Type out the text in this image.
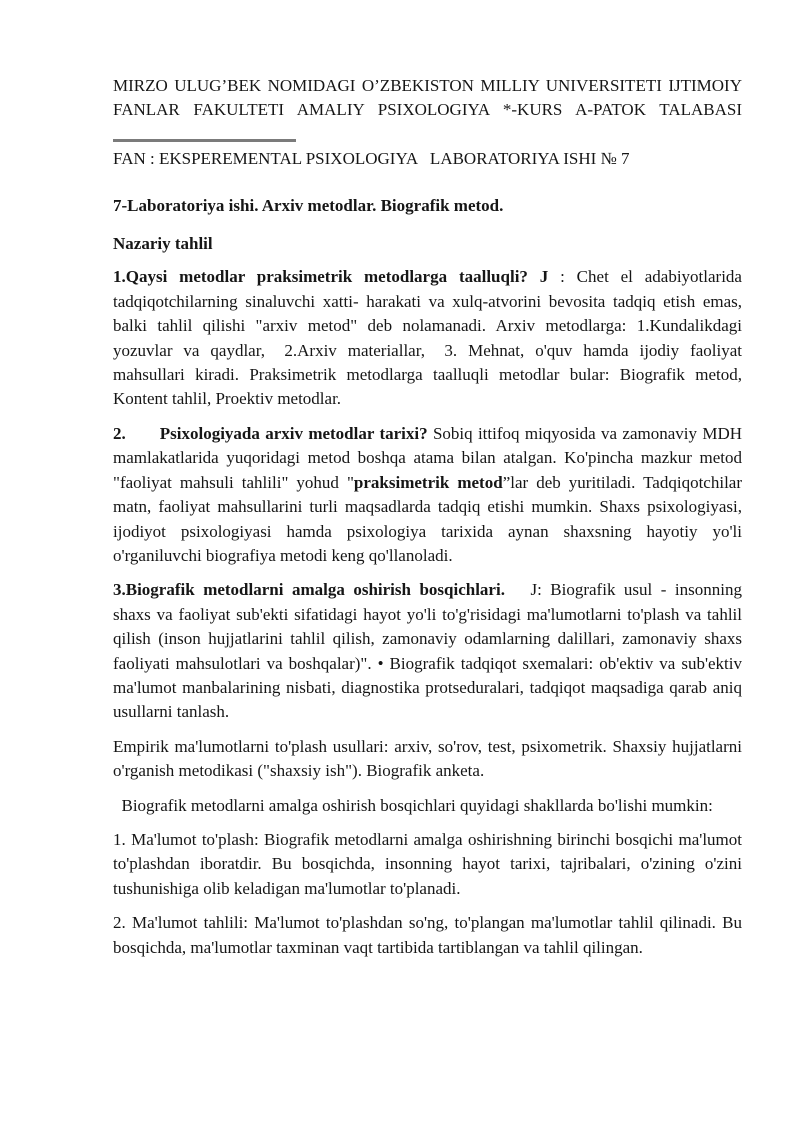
MIRZO ULUG’BEK NOMIDAGI O’ZBEKISTON MILLIY UNIVERSITETI IJTIMOIY FANLAR FAKULTETI AMALIY PSIXOLOGIYA *-KURS A-PATOK TALABASI
FAN : EKSPEREMENTAL PSIXOLOGIYA  LABORATORIYA ISHI № 7

7-Laboratoriya ishi. Arxiv metodlar. Biografik metod.

Nazariy tahlil

1.Qaysi metodlar praksimetrik metodlarga taalluqli? J : Chet el adabiyotlarida tadqiqotchilarning sinaluvchi xatti- harakati va xulq-atvorini bevosita tadqiq etish emas, balki tahlil qilishi "arxiv metod" deb nolamanadi. Arxiv metodlarga: 1.Kundalikdagi yozuvlar va qaydlar,  2.Arxiv materiallar,  3. Mehnat, o'quv hamda ijodiy faoliyat mahsullari kiradi. Praksimetrik metodlarga taalluqli metodlar bular: Biografik metod, Kontent tahlil, Proektiv metodlar.

2.  Psixologiyada arxiv metodlar tarixi? Sobiq ittifoq miqyosida va zamonaviy MDH mamlakatlarida yuqoridagi metod boshqa atama bilan atalgan. Ko'pincha mazkur metod "faoliyat mahsuli tahlili" yohud "praksimetrik metod”lar deb yuritiladi. Tadqiqotchilar matn, faoliyat mahsullarini turli maqsadlarda tadqiq etishi mumkin. Shaxs psixologiyasi, ijodiyot psixologiyasi hamda psixologiya tarixida aynan shaxsning hayotiy yo'li o'rganiluvchi biografiya metodi keng qo'llanoladi.

3.Biografik metodlarni amalga oshirish bosqichlari.  J: Biografik usul - insonning shaxs va faoliyat sub'ekti sifatidagi hayot yo'li to'g'risidagi ma'lumotlarni to'plash va tahlil qilish (inson hujjatlarini tahlil qilish, zamonaviy odamlarning dalillari, zamonaviy shaxs faoliyati mahsulotlari va boshqalar)". • Biografik tadqiqot sxemalari: ob'ektiv va sub'ektiv ma'lumot manbalarining nisbati, diagnostika protseduralari, tadqiqot maqsadiga qarab aniq usullarni tanlash.

Empirik ma'lumotlarni to'plash usullari: arxiv, so'rov, test, psixometrik. Shaxsiy hujjatlarni o'rganish metodikasi ("shaxsiy ish"). Biografik anketa.

 Biografik metodlarni amalga oshirish bosqichlari quyidagi shakllarda bo'lishi mumkin:

1. Ma'lumot to'plash: Biografik metodlarni amalga oshirishning birinchi bosqichi ma'lumot to'plashdan iboratdir. Bu bosqichda, insonning hayot tarixi, tajribalari, o'zining o'zini tushunishiga olib keladigan ma'lumotlar to'planadi.

2. Ma'lumot tahlili: Ma'lumot to'plashdan so'ng, to'plangan ma'lumotlar tahlil qilinadi. Bu bosqichda, ma'lumotlar taxminan vaqt tartibida tartiblangan va tahlil qilingan.
